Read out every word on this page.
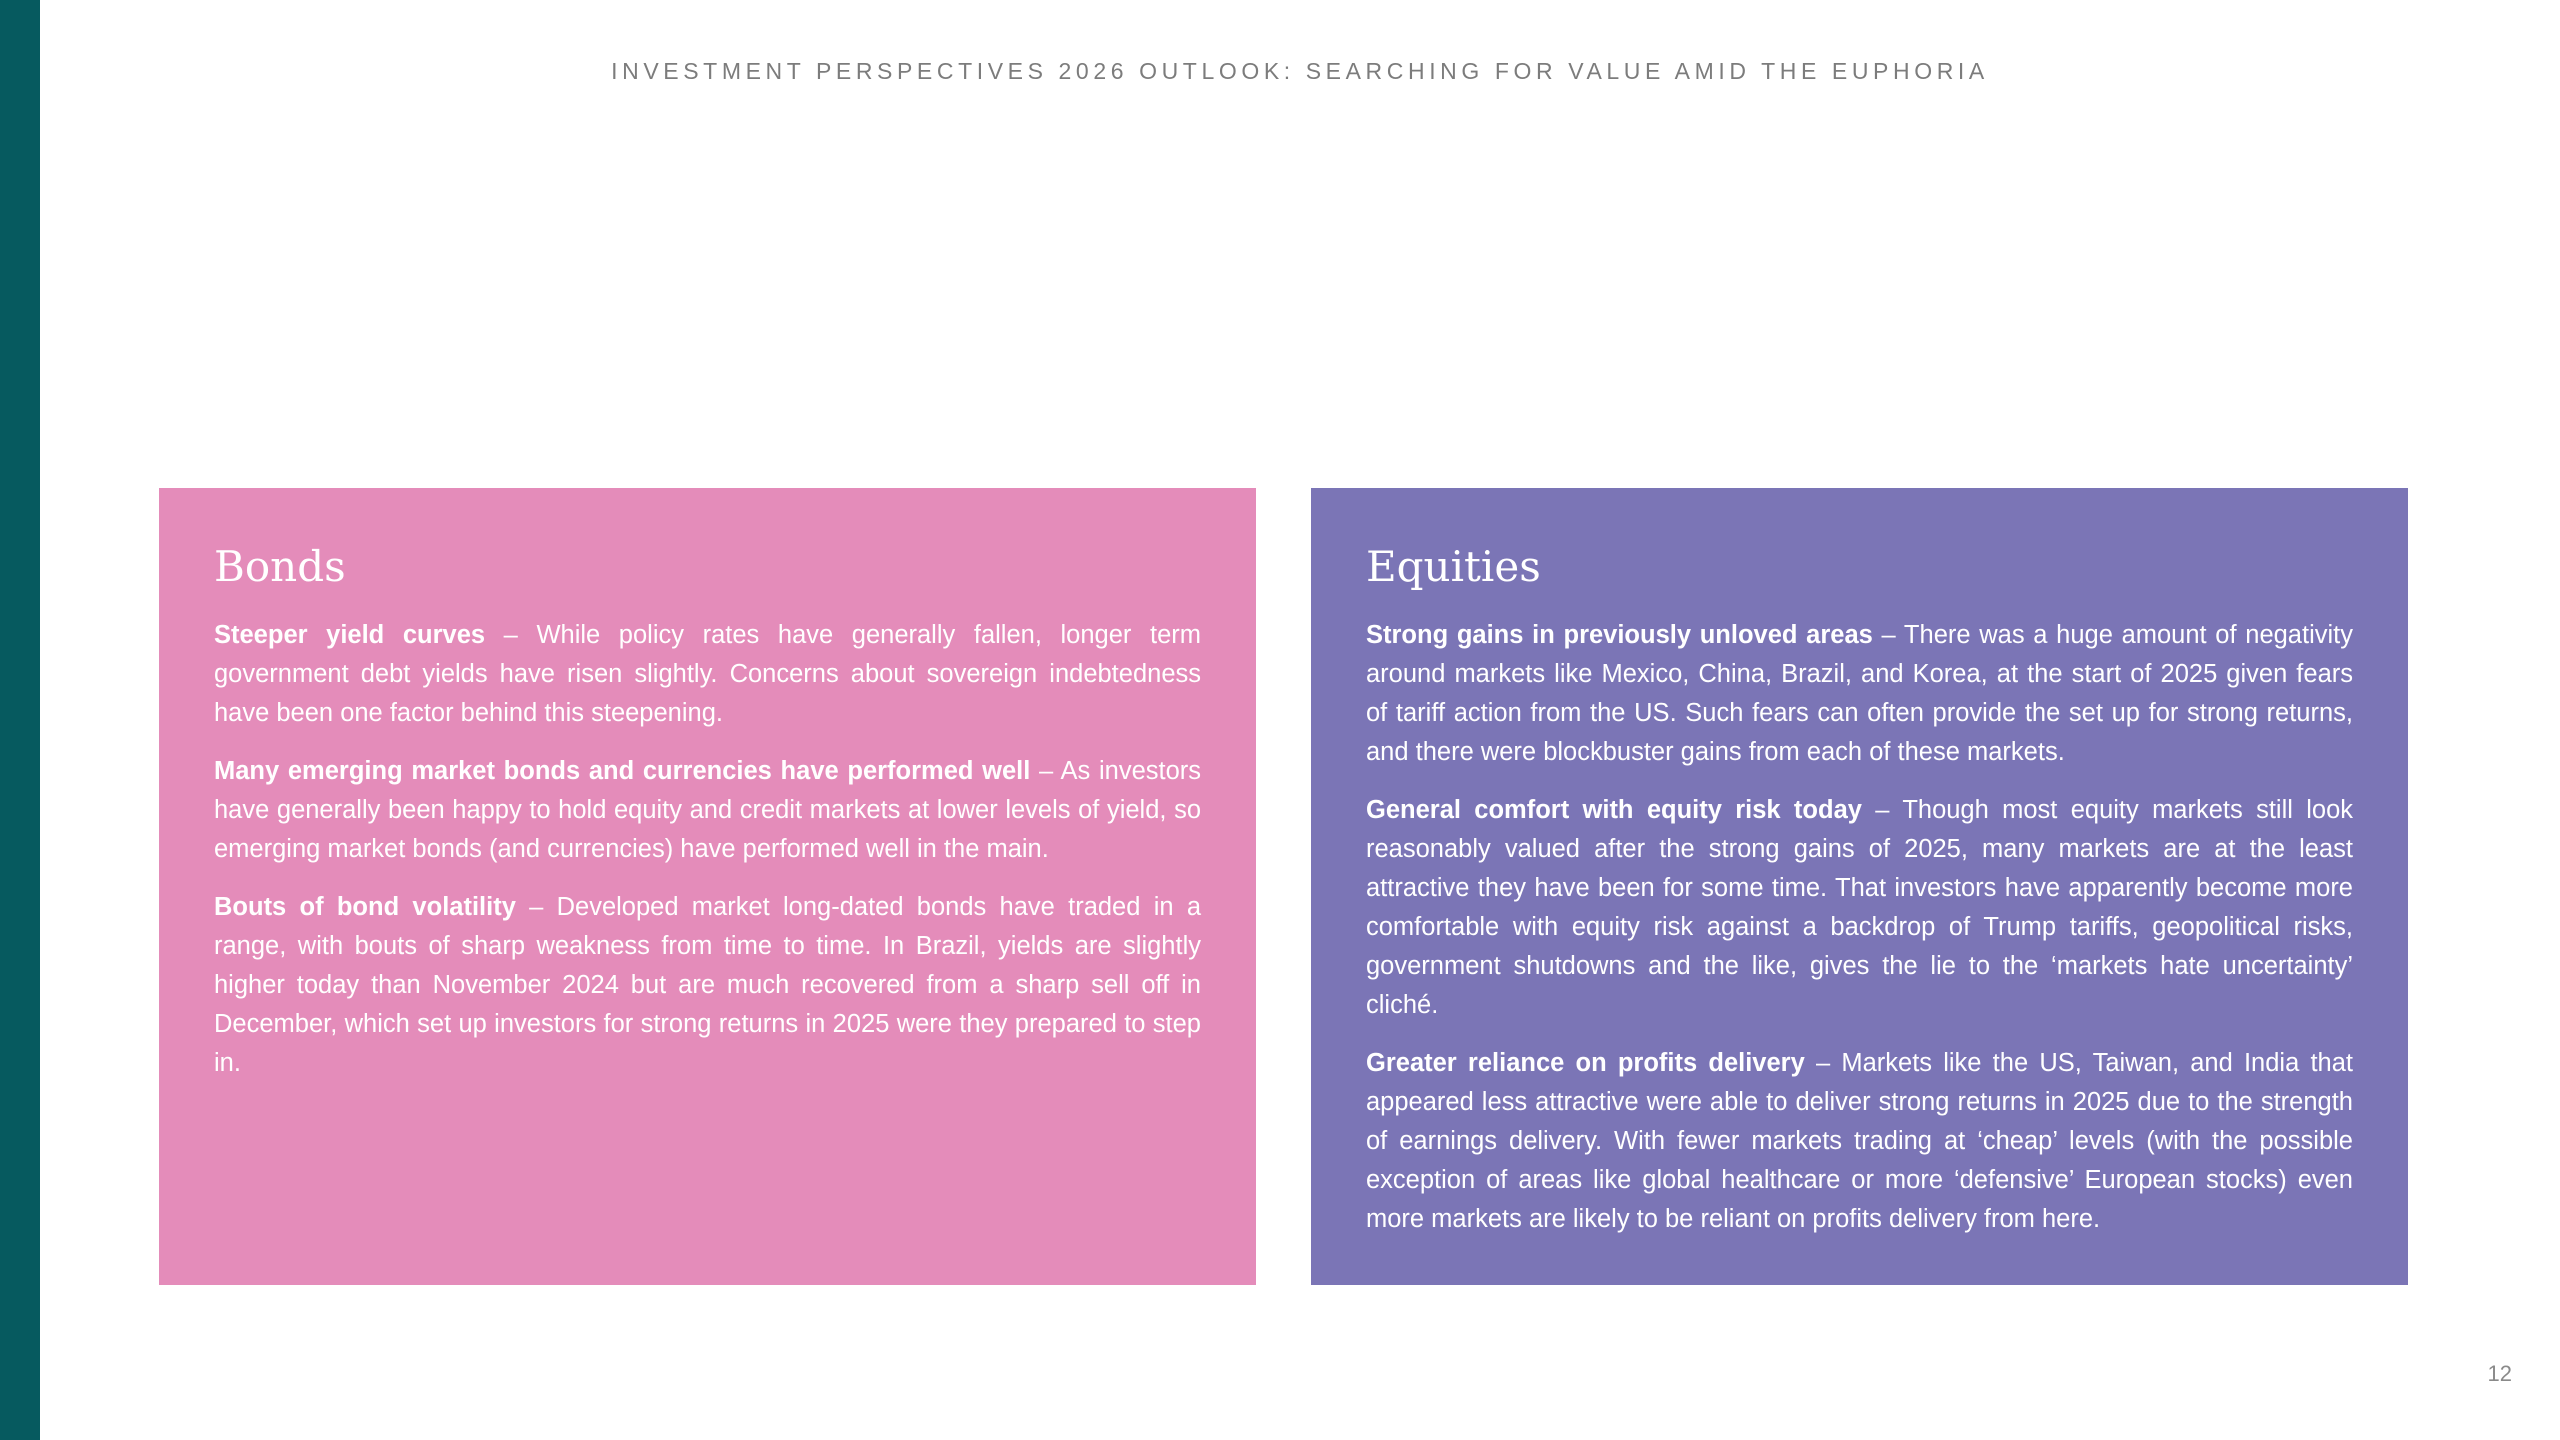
INVESTMENT PERSPECTIVES 2026 OUTLOOK: SEARCHING FOR VALUE AMID THE EUPHORIA
Bonds

Steeper yield curves – While policy rates have generally fallen, longer term government debt yields have risen slightly. Concerns about sovereign indebtedness have been one factor behind this steepening.

Many emerging market bonds and currencies have performed well – As investors have generally been happy to hold equity and credit markets at lower levels of yield, so emerging market bonds (and currencies) have performed well in the main.

Bouts of bond volatility – Developed market long-dated bonds have traded in a range, with bouts of sharp weakness from time to time. In Brazil, yields are slightly higher today than November 2024 but are much recovered from a sharp sell off in December, which set up investors for strong returns in 2025 were they prepared to step in.

Equities

Strong gains in previously unloved areas – There was a huge amount of negativity around markets like Mexico, China, Brazil, and Korea, at the start of 2025 given fears of tariff action from the US. Such fears can often provide the set up for strong returns, and there were blockbuster gains from each of these markets.

General comfort with equity risk today – Though most equity markets still look reasonably valued after the strong gains of 2025, many markets are at the least attractive they have been for some time. That investors have apparently become more comfortable with equity risk against a backdrop of Trump tariffs, geopolitical risks, government shutdowns and the like, gives the lie to the ‘markets hate uncertainty’ cliché.

Greater reliance on profits delivery – Markets like the US, Taiwan, and India that appeared less attractive were able to deliver strong returns in 2025 due to the strength of earnings delivery. With fewer markets trading at ‘cheap’ levels (with the possible exception of areas like global healthcare or more ‘defensive’ European stocks) even more markets are likely to be reliant on profits delivery from here.

12
